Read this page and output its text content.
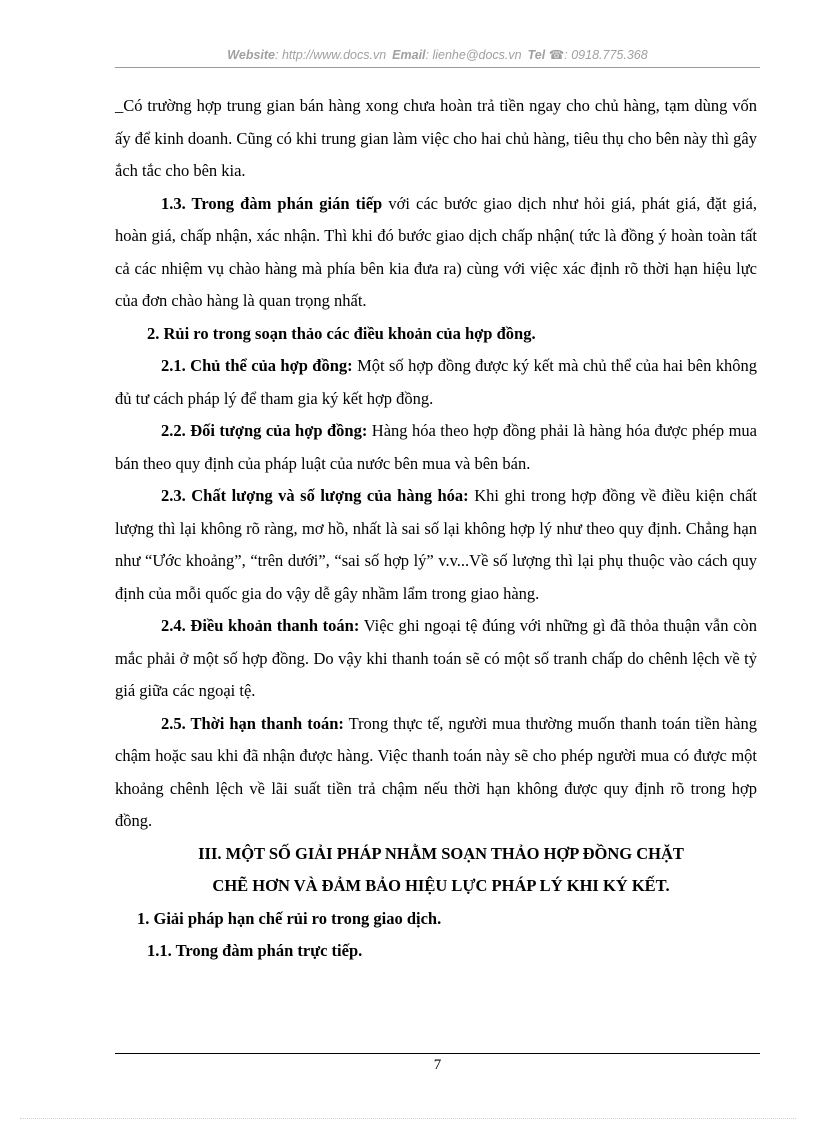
Website: http://www.docs.vn Email: lienhe@docs.vn Tel ☎: 0918.775.368

_Có trường hợp trung gian bán hàng xong chưa hoàn trả tiền ngay cho chủ hàng, tạm dùng vốn ấy để kinh doanh. Cũng có khi trung gian làm việc cho hai chủ hàng, tiêu thụ cho bên này thì gây ắch tắc cho bên kia.

1.3. Trong đàm phán gián tiếp với các bước giao dịch như hỏi giá, phát giá, đặt giá, hoàn giá, chấp nhận, xác nhận. Thì khi đó bước giao dịch chấp nhận( tức là đồng ý hoàn toàn tất cả các nhiệm vụ chào hàng mà phía bên kia đưa ra) cùng với việc xác định rõ thời hạn hiệu lực của đơn chào hàng là quan trọng nhất.

2. Rủi ro trong soạn thảo các điều khoản của hợp đồng.

2.1. Chủ thể của hợp đồng: Một số hợp đồng được ký kết mà chủ thể của hai bên không đủ tư cách pháp lý để tham gia ký kết hợp đồng.

2.2. Đối tượng của hợp đồng: Hàng hóa theo hợp đồng phải là hàng hóa được phép mua bán theo quy định của pháp luật của nước bên mua và bên bán.

2.3. Chất lượng và số lượng của hàng hóa: Khi ghi trong hợp đồng về điều kiện chất lượng thì lại không rõ ràng, mơ hồ, nhất là sai số lại không hợp lý như theo quy định. Chẳng hạn như “Ước khoảng”, “trên dưới”, “sai số hợp lý” v.v...Về số lượng thì lại phụ thuộc vào cách quy định của mỗi quốc gia do vậy dễ gây nhầm lẩm trong giao hàng.

2.4. Điều khoản thanh toán: Việc ghi ngoại tệ đúng với những gì đã thỏa thuận vẫn còn mắc phải ở một số hợp đồng. Do vậy khi thanh toán sẽ có một số tranh chấp do chênh lệch về tỷ giá giữa các ngoại tệ.

2.5. Thời hạn thanh toán: Trong thực tế, người mua thường muốn thanh toán tiền hàng chậm hoặc sau khi đã nhận được hàng. Việc thanh toán này sẽ cho phép người mua có được một khoảng chênh lệch về lãi suất tiền trả chậm nếu thời hạn không được quy định rõ trong hợp đồng.

III. MỘT SỐ GIẢI PHÁP NHẰM SOẠN THẢO HỢP ĐỒNG CHẶT

CHẼ HƠN VÀ ĐẢM BẢO HIỆU LỰC PHÁP LÝ KHI KÝ KẾT.

1. Giải pháp hạn chế rủi ro trong giao dịch.

1.1. Trong đàm phán trực tiếp.

7
